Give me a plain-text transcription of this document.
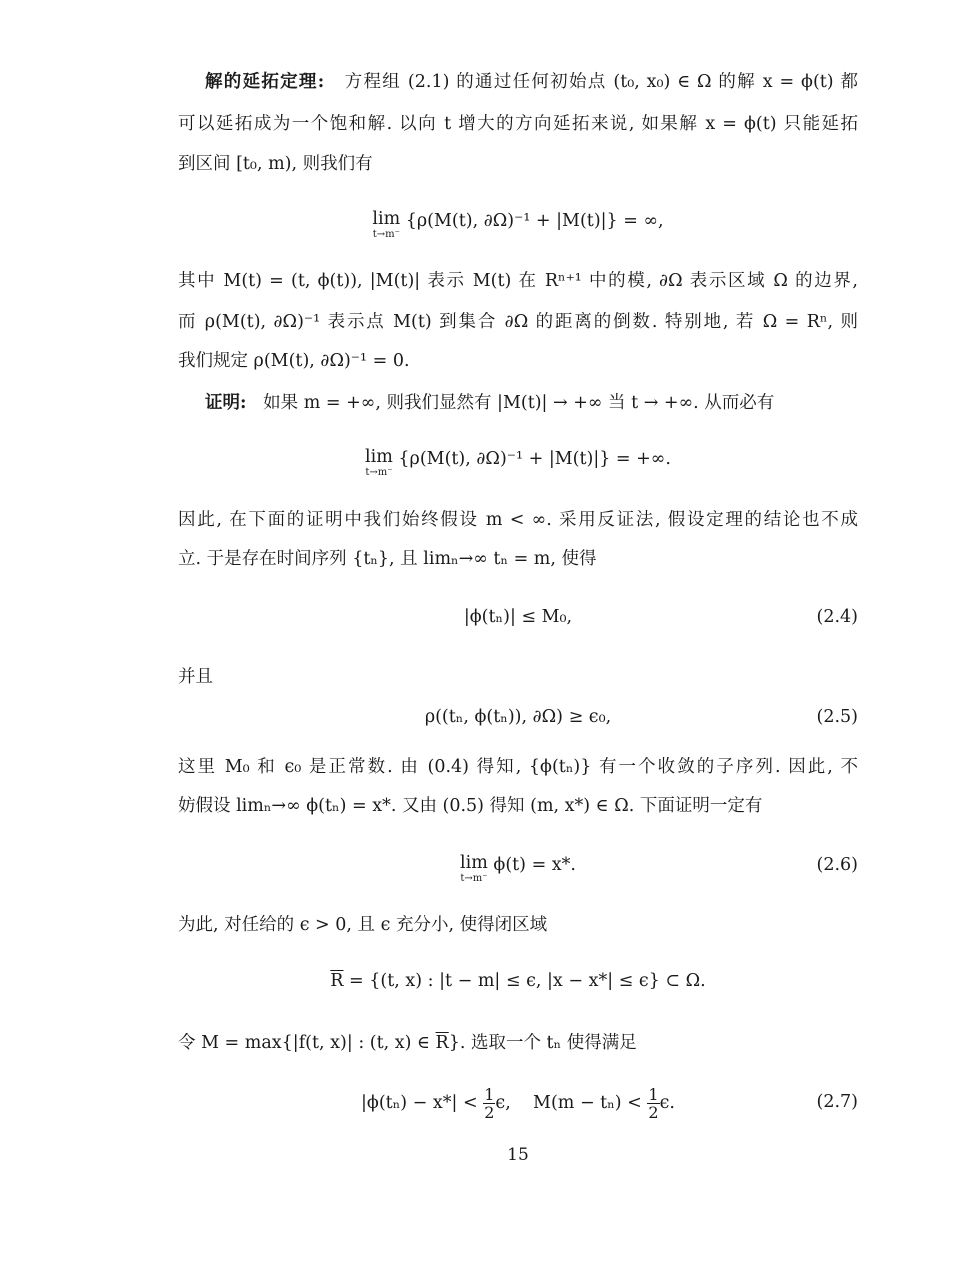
解的延拓定理: 方程组 (2.1) 的通过任何初始点 (t₀, x₀) ∈ Ω 的解 x = ϕ(t) 都
可以延拓成为一个饱和解. 以向 t 增大的方向延拓来说, 如果解 x = ϕ(t) 只能延拓
到区间 [t₀, m), 则我们有
lim
t→m⁻
{ρ(M(t), ∂Ω)⁻¹ + |M(t)|} = ∞,
其中 M(t) = (t, ϕ(t)), |M(t)| 表示 M(t) 在 Rⁿ⁺¹ 中的模, ∂Ω 表示区域 Ω 的边界,
而 ρ(M(t), ∂Ω)⁻¹ 表示点 M(t) 到集合 ∂Ω 的距离的倒数. 特别地, 若 Ω = Rⁿ, 则
我们规定 ρ(M(t), ∂Ω)⁻¹ = 0.
证明: 如果 m = +∞, 则我们显然有 |M(t)| → +∞ 当 t → +∞. 从而必有
lim
t→m⁻
{ρ(M(t), ∂Ω)⁻¹ + |M(t)|} = +∞.
因此, 在下面的证明中我们始终假设 m < ∞. 采用反证法, 假设定理的结论也不成
立. 于是存在时间序列 {tₙ}, 且 limₙ→∞ tₙ = m, 使得
|ϕ(tₙ)| ≤ M₀,	(2.4)
并且
ρ((tₙ, ϕ(tₙ)), ∂Ω) ≥ ϵ₀,	(2.5)
这里 M₀ 和 ϵ₀ 是正常数. 由 (0.4) 得知, {ϕ(tₙ)} 有一个收敛的子序列. 因此, 不
妨假设 limₙ→∞ ϕ(tₙ) = x*. 又由 (0.5) 得知 (m, x*) ∈ Ω. 下面证明一定有
lim
t→m⁻
ϕ(t) = x*.	(2.6)
为此, 对任给的 ϵ > 0, 且 ϵ 充分小, 使得闭区域
$\overline{R} = \{(t$, x) : |t − m| ≤ ϵ, |x − x*| ≤ ϵ} ⊂ Ω.
令 M = max{|f(t, x)| : (t, x) ∈ $\overline{R}$}. 选取一个 tₙ 使得满足
$|\phi(t_n) - x*| < \frac{1}{2} \epsilon$,    $M(m - t_n) < \frac{1}{2} \epsilon$.	(2.7)
15
